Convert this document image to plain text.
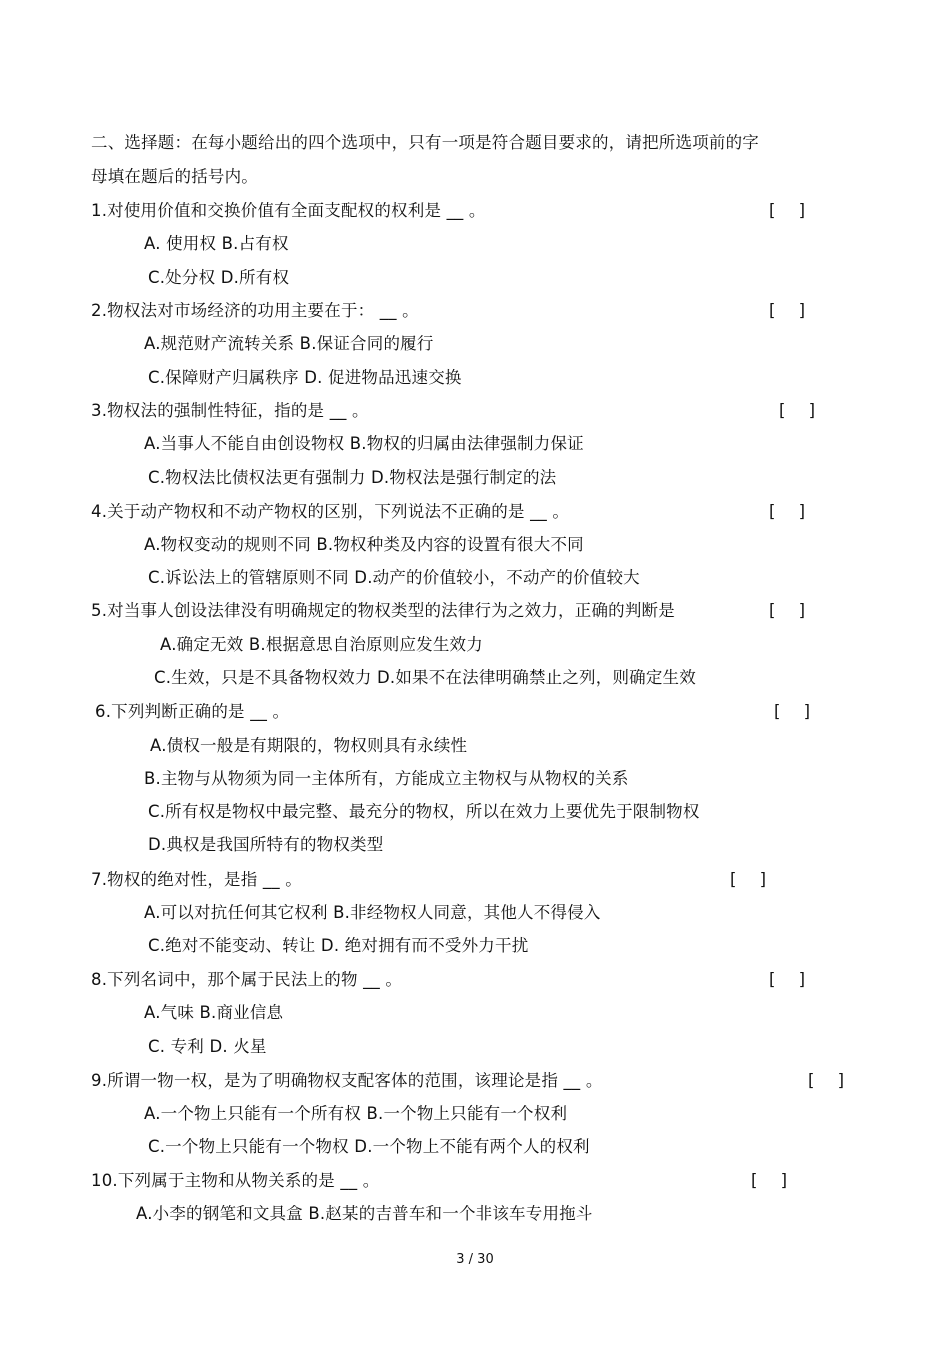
二、选择题：在每小题给出的四个选项中，只有一项是符合题目要求的，请把所选项前的字
母填在题后的括号内。
1.对使用价值和交换价值有全面支配权的权利是 __ 。	[ ]
A. 使用权 B.占有权
C.处分权 D.所有权
2.物权法对市场经济的功用主要在于： __ 。	[ ]
A.规范财产流转关系 B.保证合同的履行
C.保障财产归属秩序 D. 促进物品迅速交换
3.物权法的强制性特征，指的是 __ 。	[ ]
A.当事人不能自由创设物权 B.物权的归属由法律强制力保证
C.物权法比债权法更有强制力 D.物权法是强行制定的法
4.关于动产物权和不动产物权的区别，下列说法不正确的是 __ 。	[ ]
A.物权变动的规则不同 B.物权种类及内容的设置有很大不同
C.诉讼法上的管辖原则不同 D.动产的价值较小，不动产的价值较大
5.对当事人创设法律没有明确规定的物权类型的法律行为之效力，正确的判断是	[ ]
A.确定无效 B.根据意思自治原则应发生效力
C.生效，只是不具备物权效力 D.如果不在法律明确禁止之列，则确定生效
6.下列判断正确的是 __ 。	[ ]
A.债权一般是有期限的，物权则具有永续性
B.主物与从物须为同一主体所有，方能成立主物权与从物权的关系
C.所有权是物权中最完整、最充分的物权，所以在效力上要优先于限制物权
D.典权是我国所特有的物权类型
7.物权的绝对性，是指 __ 。	[ ]
A.可以对抗任何其它权利 B.非经物权人同意，其他人不得侵入
C.绝对不能变动、转让 D. 绝对拥有而不受外力干扰
8.下列名词中，那个属于民法上的物 __ 。	[ ]
A.气味 B.商业信息
C. 专利 D. 火星
9.所谓一物一权，是为了明确物权支配客体的范围，该理论是指 __ 。	[ ]
A.一个物上只能有一个所有权 B.一个物上只能有一个权利
C.一个物上只能有一个物权 D.一个物上不能有两个人的权利
10.下列属于主物和从物关系的是 __ 。	[ ]
A.小李的钢笔和文具盒 B.赵某的吉普车和一个非该车专用拖斗
3 / 30
